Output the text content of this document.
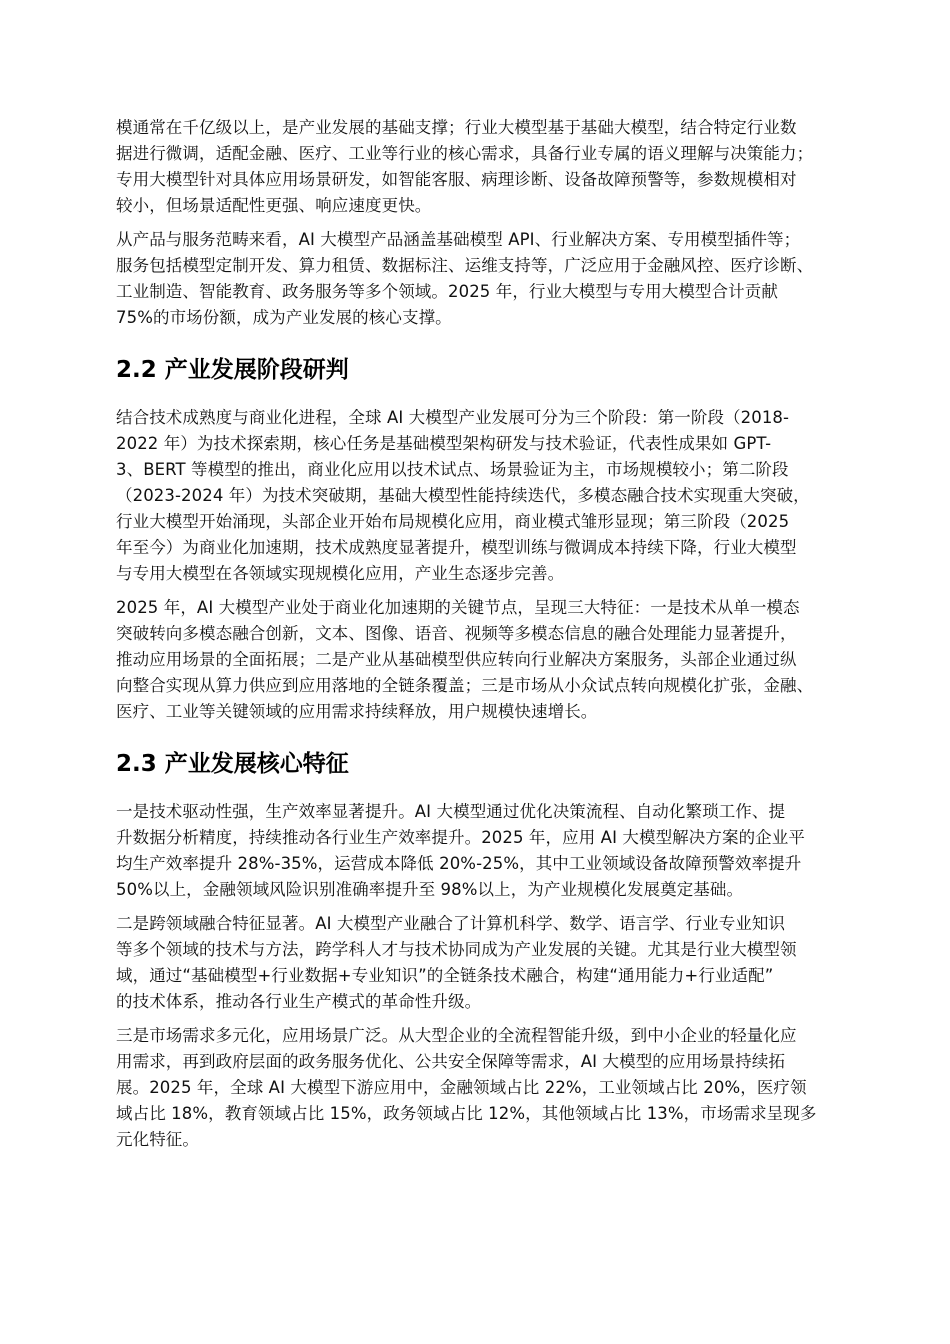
模通常在千亿级以上，是产业发展的基础支撑；行业大模型基于基础大模型，结合特定行业数
据进行微调，适配金融、医疗、工业等行业的核心需求，具备行业专属的语义理解与决策能力；
专用大模型针对具体应用场景研发，如智能客服、病理诊断、设备故障预警等，参数规模相对
较小，但场景适配性更强、响应速度更快。
从产品与服务范畴来看，AI 大模型产品涵盖基础模型 API、行业解决方案、专用模型插件等；
服务包括模型定制开发、算力租赁、数据标注、运维支持等，广泛应用于金融风控、医疗诊断、
工业制造、智能教育、政务服务等多个领域。2025 年，行业大模型与专用大模型合计贡献
75%的市场份额，成为产业发展的核心支撑。
2.2 产业发展阶段研判
结合技术成熟度与商业化进程，全球 AI 大模型产业发展可分为三个阶段：第一阶段（2018-
2022 年）为技术探索期，核心任务是基础模型架构研发与技术验证，代表性成果如 GPT-
3、BERT 等模型的推出，商业化应用以技术试点、场景验证为主，市场规模较小；第二阶段
（2023-2024 年）为技术突破期，基础大模型性能持续迭代，多模态融合技术实现重大突破，
行业大模型开始涌现，头部企业开始布局规模化应用，商业模式雏形显现；第三阶段（2025
年至今）为商业化加速期，技术成熟度显著提升，模型训练与微调成本持续下降，行业大模型
与专用大模型在各领域实现规模化应用，产业生态逐步完善。
2025 年，AI 大模型产业处于商业化加速期的关键节点，呈现三大特征：一是技术从单一模态
突破转向多模态融合创新，文本、图像、语音、视频等多模态信息的融合处理能力显著提升，
推动应用场景的全面拓展；二是产业从基础模型供应转向行业解决方案服务，头部企业通过纵
向整合实现从算力供应到应用落地的全链条覆盖；三是市场从小众试点转向规模化扩张，金融、
医疗、工业等关键领域的应用需求持续释放，用户规模快速增长。
2.3 产业发展核心特征
一是技术驱动性强，生产效率显著提升。AI 大模型通过优化决策流程、自动化繁琐工作、提
升数据分析精度，持续推动各行业生产效率提升。2025 年，应用 AI 大模型解决方案的企业平
均生产效率提升 28%-35%，运营成本降低 20%-25%，其中工业领域设备故障预警效率提升
50%以上，金融领域风险识别准确率提升至 98%以上，为产业规模化发展奠定基础。
二是跨领域融合特征显著。AI 大模型产业融合了计算机科学、数学、语言学、行业专业知识
等多个领域的技术与方法，跨学科人才与技术协同成为产业发展的关键。尤其是行业大模型领
域，通过“基础模型+行业数据+专业知识”的全链条技术融合，构建“通用能力+行业适配”
的技术体系，推动各行业生产模式的革命性升级。
三是市场需求多元化，应用场景广泛。从大型企业的全流程智能升级，到中小企业的轻量化应
用需求，再到政府层面的政务服务优化、公共安全保障等需求，AI 大模型的应用场景持续拓
展。2025 年，全球 AI 大模型下游应用中，金融领域占比 22%，工业领域占比 20%，医疗领
域占比 18%，教育领域占比 15%，政务领域占比 12%，其他领域占比 13%，市场需求呈现多
元化特征。
